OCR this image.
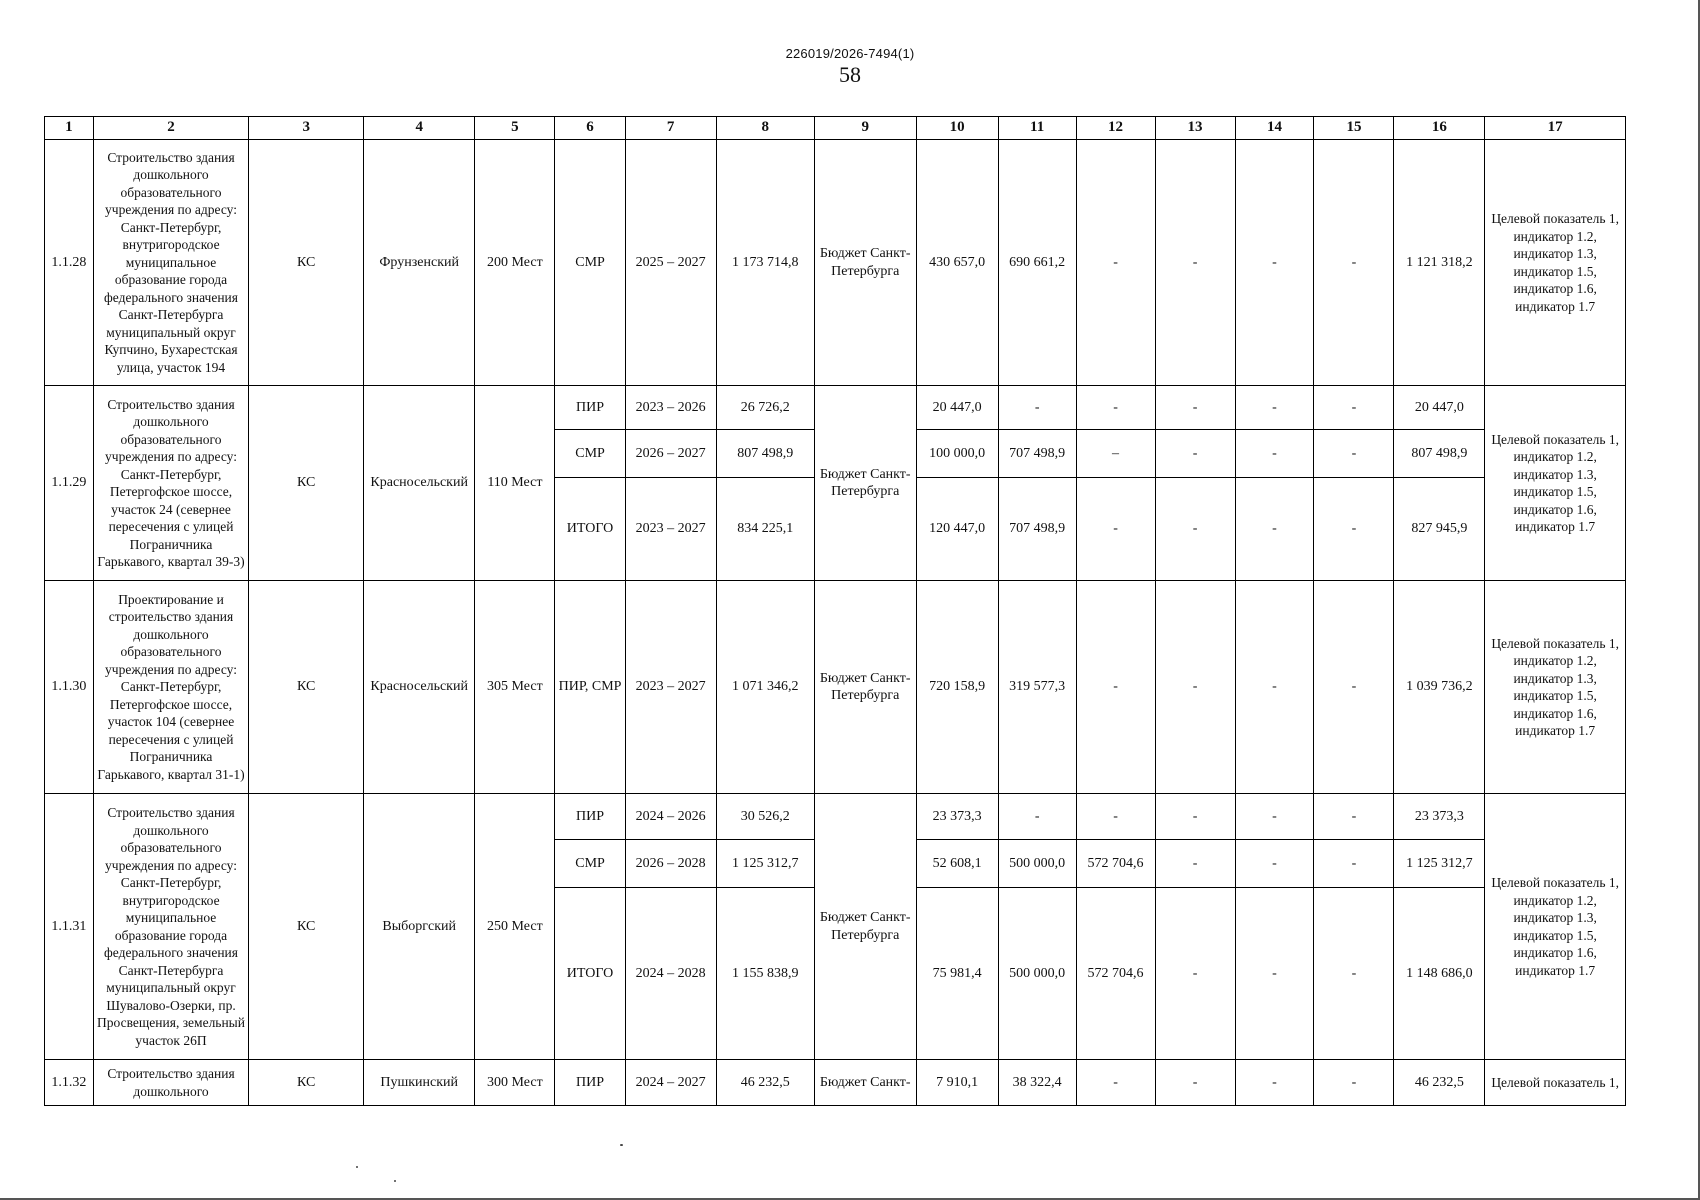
226019/2026-7494(1)
58
1	2	3	4	5	6	7	8	9	10	11	12	13	14	15	16	17
1.1.28	Строительство здания дошкольного образовательного учреждения по адресу: Санкт-Петербург, внутригородское муниципальное образование города федерального значения Санкт-Петербурга муниципальный округ Купчино, Бухарестская улица, участок 194	КС	Фрунзенский	200 Мест	СМР	2025 – 2027	1 173 714,8	Бюджет Санкт-Петербурга	430 657,0	690 661,2	-	-	-	-	1 121 318,2	Целевой показатель 1, индикатор 1.2, индикатор 1.3, индикатор 1.5, индикатор 1.6, индикатор 1.7
1.1.29	Строительство здания дошкольного образовательного учреждения по адресу: Санкт-Петербург, Петергофское шоссе, участок 24 (севернее пересечения с улицей Пограничника Гарькавого, квартал 39-3)	КС	Красносельский	110 Мест	ПИР	2023 – 2026	26 726,2	Бюджет Санкт-Петербурга	20 447,0	-	-	-	-	-	20 447,0	Целевой показатель 1, индикатор 1.2, индикатор 1.3, индикатор 1.5, индикатор 1.6, индикатор 1.7
					СМР	2026 – 2027	807 498,9		100 000,0	707 498,9	–	-	-	-	807 498,9	
					ИТОГО	2023 – 2027	834 225,1		120 447,0	707 498,9	-	-	-	-	827 945,9	
1.1.30	Проектирование и строительство здания дошкольного образовательного учреждения по адресу: Санкт-Петербург, Петергофское шоссе, участок 104 (севернее пересечения с улицей Пограничника Гарькавого, квартал 31-1)	КС	Красносельский	305 Мест	ПИР, СМР	2023 – 2027	1 071 346,2	Бюджет Санкт-Петербурга	720 158,9	319 577,3	-	-	-	-	1 039 736,2	Целевой показатель 1, индикатор 1.2, индикатор 1.3, индикатор 1.5, индикатор 1.6, индикатор 1.7
1.1.31	Строительство здания дошкольного образовательного учреждения по адресу: Санкт-Петербург, внутригородское муниципальное образование города федерального значения Санкт-Петербурга муниципальный округ Шувалово-Озерки, пр. Просвещения, земельный участок 26П	КС	Выборгский	250 Мест	ПИР	2024 – 2026	30 526,2	Бюджет Санкт-Петербурга	23 373,3	-	-	-	-	-	23 373,3	Целевой показатель 1, индикатор 1.2, индикатор 1.3, индикатор 1.5, индикатор 1.6, индикатор 1.7
					СМР	2026 – 2028	1 125 312,7		52 608,1	500 000,0	572 704,6	-	-	-	1 125 312,7	
					ИТОГО	2024 – 2028	1 155 838,9		75 981,4	500 000,0	572 704,6	-	-	-	1 148 686,0	
1.1.32	Строительство здания дошкольного	КС	Пушкинский	300 Мест	ПИР	2024 – 2027	46 232,5	Бюджет Санкт-	7 910,1	38 322,4	-	-	-	-	46 232,5	Целевой показатель 1,
